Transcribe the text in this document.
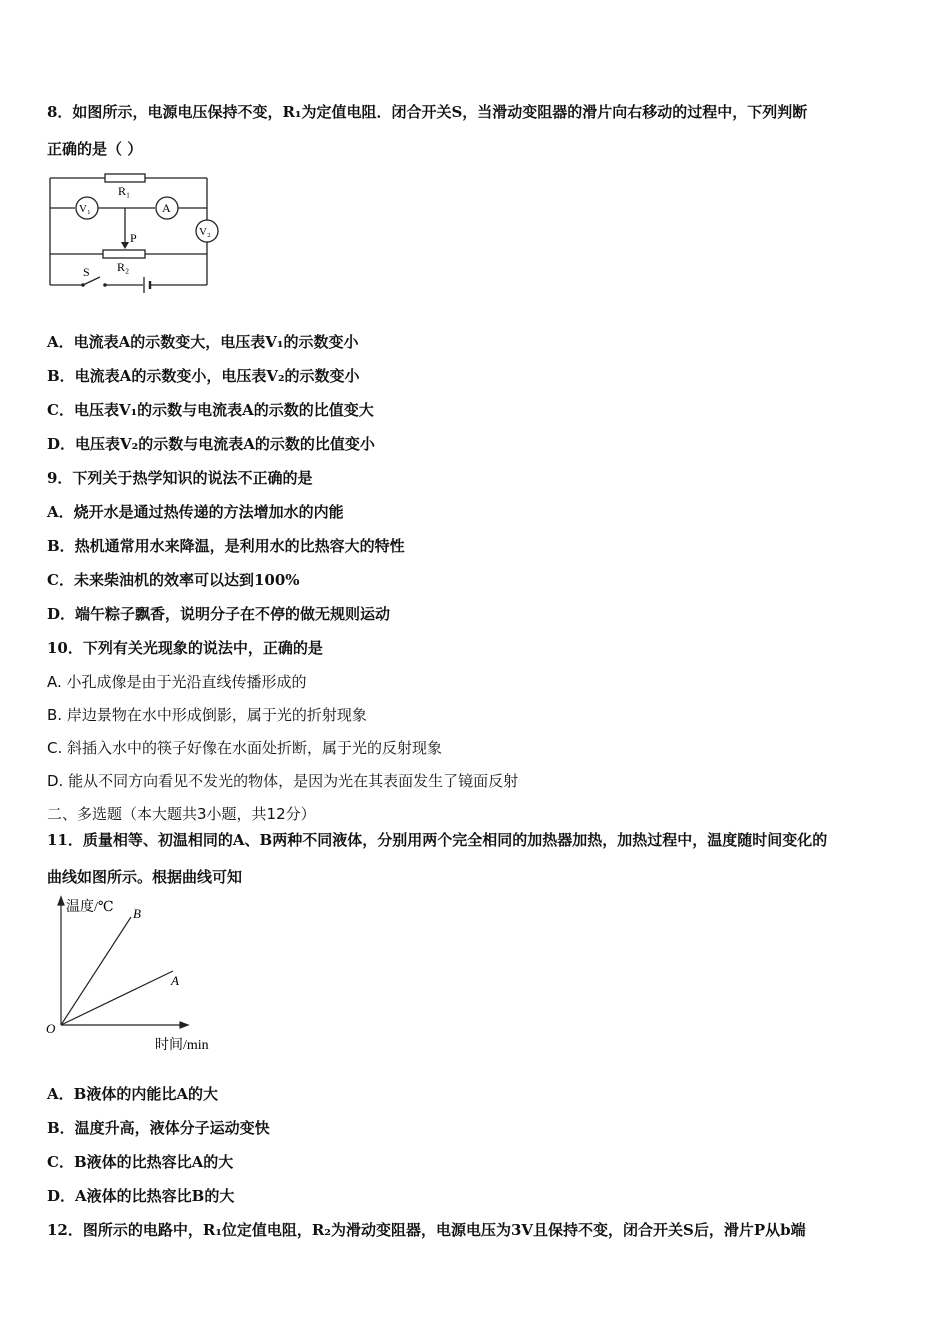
8．如图所示，电源电压保持不变，R₁为定值电阻．闭合开关S，当滑动变阻器的滑片向右移动的过程中，下列判断
正确的是（ ）
R₁
V₁	A
V₂
P
R₂
S
A．电流表A的示数变大，电压表V₁的示数变小
B．电流表A的示数变小，电压表V₂的示数变小
C．电压表V₁的示数与电流表A的示数的比值变大
D．电压表V₂的示数与电流表A的示数的比值变小
9．下列关于热学知识的说法不正确的是
A．烧开水是通过热传递的方法增加水的内能
B．热机通常用水来降温，是利用水的比热容大的特性
C．未来柴油机的效率可以达到100%
D．端午粽子飘香，说明分子在不停的做无规则运动
10．下列有关光现象的说法中，正确的是
A. 小孔成像是由于光沿直线传播形成的
B. 岸边景物在水中形成倒影，属于光的折射现象
C. 斜插入水中的筷子好像在水面处折断，属于光的反射现象
D. 能从不同方向看见不发光的物体，是因为光在其表面发生了镜面反射
二、多选题（本大题共3小题，共12分）
11．质量相等、初温相同的A、B两种不同液体，分别用两个完全相同的加热器加热，加热过程中，温度随时间变化的
曲线如图所示。根据曲线可知
B
A
温度/℃
时间/min
O
A．B液体的内能比A的大
B．温度升高，液体分子运动变快
C．B液体的比热容比A的大
D．A液体的比热容比B的大
12．图所示的电路中，R₁位定值电阻，R₂为滑动变阻器，电源电压为3V且保持不变，闭合开关S后，滑片P从b端
